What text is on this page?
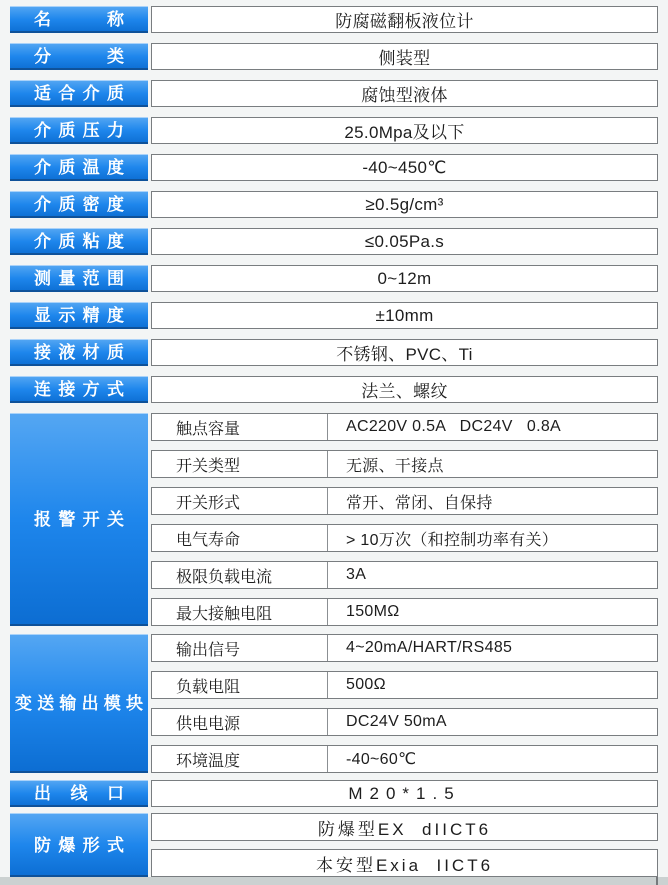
名称	防腐磁翻板液位计
分类	侧装型
适合介质	腐蚀型液体
介质压力	25.0Mpa及以下
介质温度	-40~450℃
介质密度	≥0.5g/cm³
介质粘度	≤0.05Pa.s
测量范围	0~12m
显示精度	±10mm
接液材质	不锈钢、PVC、Ti
连接方式	法兰、螺纹
报警开关
触点容量	AC220V 0.5A   DC24V   0.8A
开关类型	无源、干接点
开关形式	常开、常闭、自保持
电气寿命	> 10万次（和控制功率有关）
极限负载电流	3A
最大接触电阻	150MΩ
变送输出模块
输出信号	4~20mA/HART/RS485
负载电阻	500Ω
供电电源	DC24V 50mA
环境温度	-40~60℃
出线口	M20*1.5
防爆形式
防爆型EX  dIICT6
本安型Exia  IICT6
